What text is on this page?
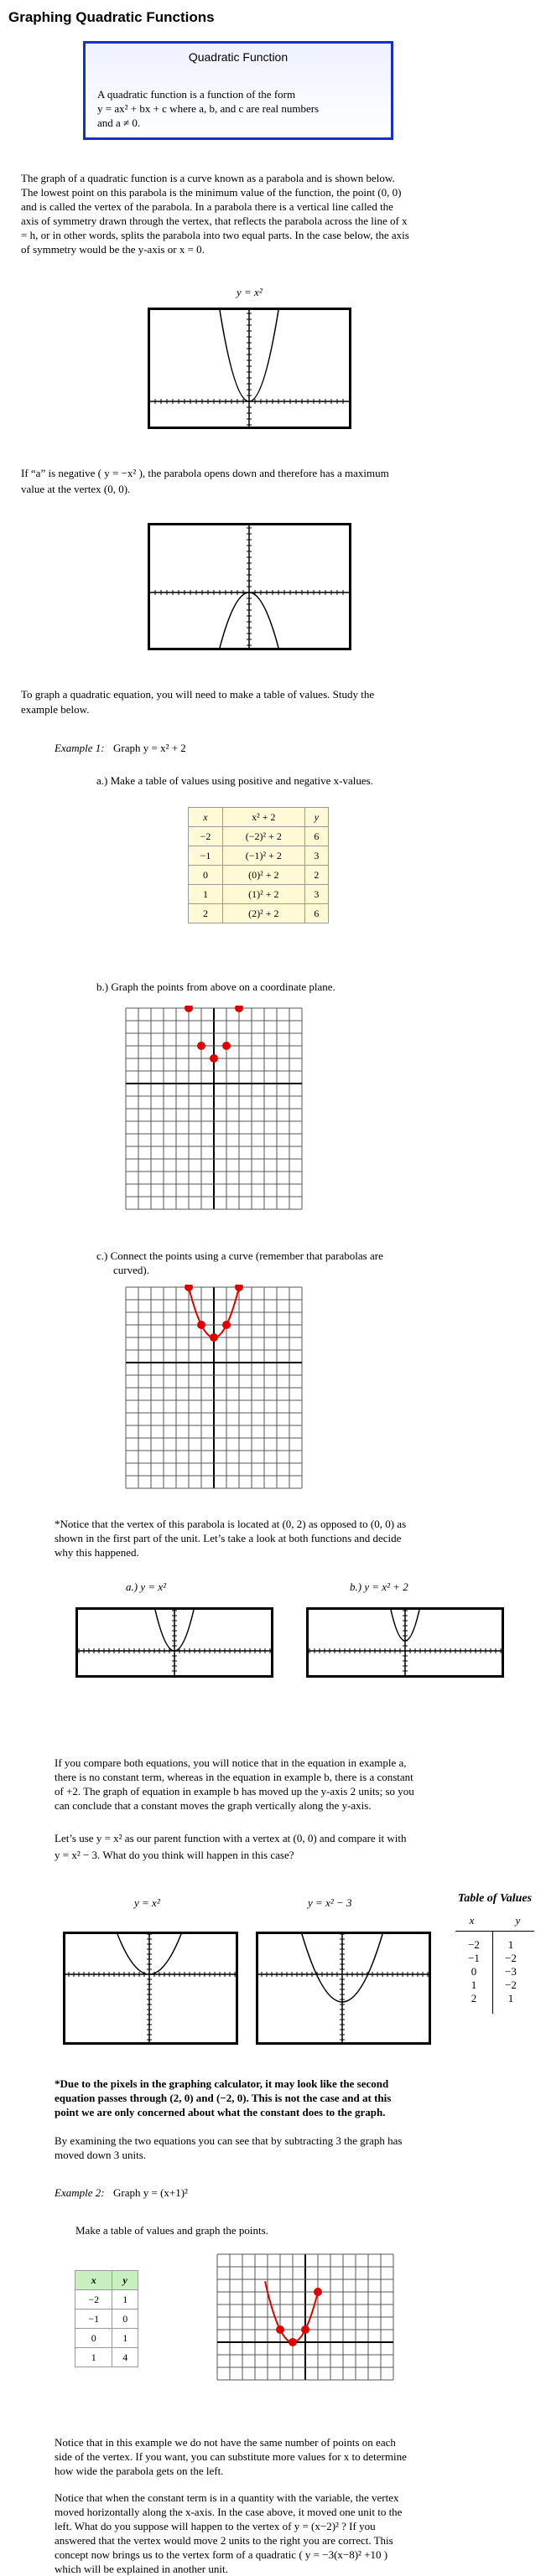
Graphing Quadratic Functions
Quadratic Function
A quadratic function is a function of the form
y = ax² + bx + c where a, b, and c are real numbers
and a ≠ 0.
The graph of a quadratic function is a curve known as a parabola and is shown below.
The lowest point on this parabola is the minimum value of the function, the point (0, 0)
and is called the vertex of the parabola. In a parabola there is a vertical line called the
axis of symmetry drawn through the vertex, that reflects the parabola across the line of x
= h, or in other words, splits the parabola into two equal parts. In the case below, the axis
of symmetry would be the y-axis or x = 0.
y = x²
If “a” is negative ( y = −x² ), the parabola opens down and therefore has a maximum
value at the vertex (0, 0).
To graph a quadratic equation, you will need to make a table of values. Study the
example below.
Example 1: Graph y = x² + 2
a.) Make a table of values using positive and negative x-values.
x	x² + 2	y
−2	(−2)² + 2	6
−1	(−1)² + 2	3
0	(0)² + 2	2
1	(1)² + 2	3
2	(2)² + 2	6
b.) Graph the points from above on a coordinate plane.
c.) Connect the points using a curve (remember that parabolas are
curved).
*Notice that the vertex of this parabola is located at (0, 2) as opposed to (0, 0) as
shown in the first part of the unit. Let’s take a look at both functions and decide
why this happened.
a.) y = x²	b.) y = x² + 2
If you compare both equations, you will notice that in the equation in example a,
there is no constant term, whereas in the equation in example b, there is a constant
of +2. The graph of equation in example b has moved up the y-axis 2 units; so you
can conclude that a constant moves the graph vertically along the y-axis.
Let’s use y = x² as our parent function with a vertex at (0, 0) and compare it with
y = x² − 3. What do you think will happen in this case?
y = x²	y = x² − 3	Table of Values
x	y
−2	1
−1	−2
0	−3
1	−2
2	1
*Due to the pixels in the graphing calculator, it may look like the second
equation passes through (2, 0) and (−2, 0). This is not the case and at this
point we are only concerned about what the constant does to the graph.
By examining the two equations you can see that by subtracting 3 the graph has
moved down 3 units.
Example 2: Graph y = (x+1)²
Make a table of values and graph the points.
x	y
−2	1
−1	0
0	1
1	4
Notice that in this example we do not have the same number of points on each
side of the vertex. If you want, you can substitute more values for x to determine
how wide the parabola gets on the left.
Notice that when the constant term is in a quantity with the variable, the vertex
moved horizontally along the x-axis. In the case above, it moved one unit to the
left. What do you suppose will happen to the vertex of y = (x−2)² ? If you
answered that the vertex would move 2 units to the right you are correct. This
concept now brings us to the vertex form of a quadratic ( y = −3(x−8)² +10 )
which will be explained in another unit.
